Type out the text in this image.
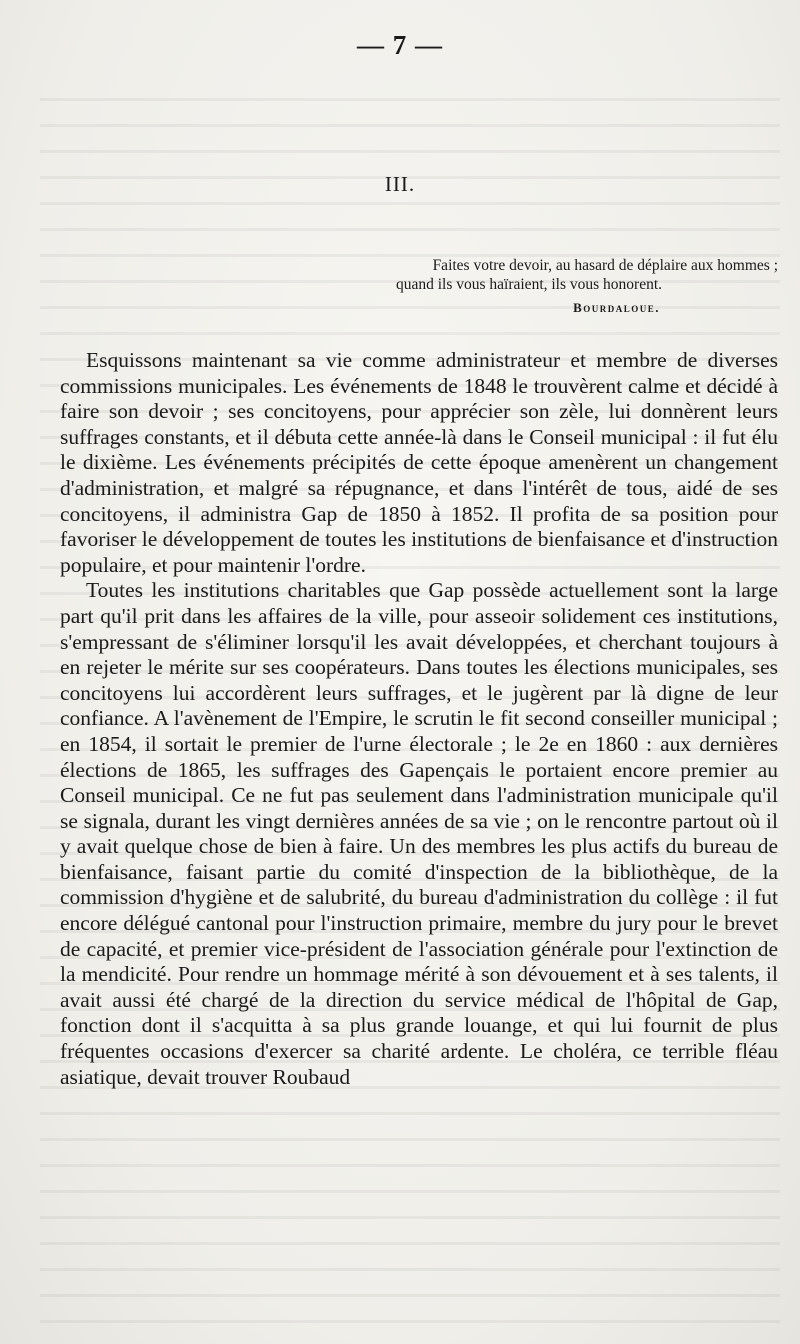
— 7 —
III.
Faites votre devoir, au hasard de déplaire aux hommes ;
quand ils vous haïraient, ils vous honorent.
Bourdaloue.

Esquissons maintenant sa vie comme administrateur et membre de diverses commissions municipales. Les événements de 1848 le trouvèrent calme et décidé à faire son devoir ; ses concitoyens, pour apprécier son zèle, lui donnèrent leurs suffrages constants, et il débuta cette année-là dans le Conseil municipal : il fut élu le dixième. Les événements précipités de cette époque amenèrent un changement d'administration, et malgré sa répugnance, et dans l'intérêt de tous, aidé de ses concitoyens, il administra Gap de 1850 à 1852. Il profita de sa position pour favoriser le développement de toutes les institutions de bienfaisance et d'instruction populaire, et pour maintenir l'ordre.

Toutes les institutions charitables que Gap possède actuellement sont la large part qu'il prit dans les affaires de la ville, pour asseoir solidement ces institutions, s'empressant de s'éliminer lorsqu'il les avait développées, et cherchant toujours à en rejeter le mérite sur ses coopérateurs. Dans toutes les élections municipales, ses concitoyens lui accordèrent leurs suffrages, et le jugèrent par là digne de leur confiance. A l'avènement de l'Empire, le scrutin le fit second conseiller municipal ; en 1854, il sortait le premier de l'urne électorale ; le 2e en 1860 : aux dernières élections de 1865, les suffrages des Gapençais le portaient encore premier au Conseil municipal. Ce ne fut pas seulement dans l'administration municipale qu'il se signala, durant les vingt dernières années de sa vie ; on le rencontre partout où il y avait quelque chose de bien à faire. Un des membres les plus actifs du bureau de bienfaisance, faisant partie du comité d'inspection de la bibliothèque, de la commission d'hygiène et de salubrité, du bureau d'administration du collège : il fut encore délégué cantonal pour l'instruction primaire, membre du jury pour le brevet de capacité, et premier vice-président de l'association générale pour l'extinction de la mendicité. Pour rendre un hommage mérité à son dévouement et à ses talents, il avait aussi été chargé de la direction du service médical de l'hôpital de Gap, fonction dont il s'acquitta à sa plus grande louange, et qui lui fournit de plus fréquentes occasions d'exercer sa charité ardente. Le choléra, ce terrible fléau asiatique, devait trouver Roubaud
